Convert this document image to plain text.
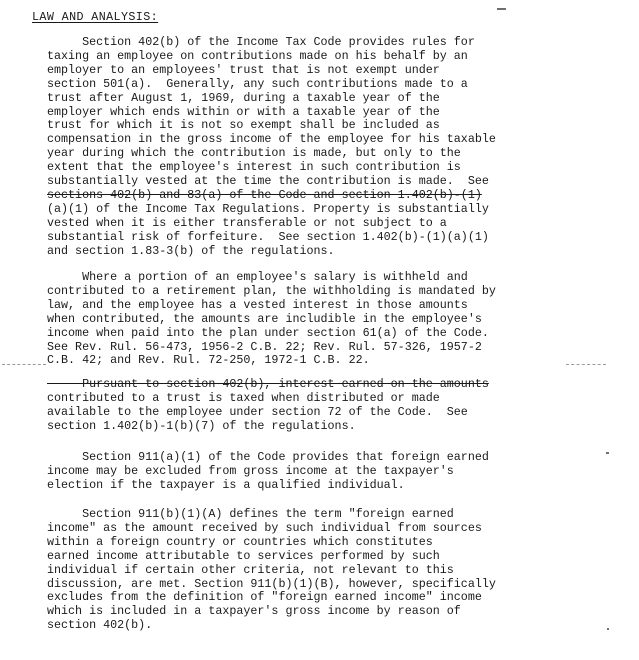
LAW AND ANALYSIS:
Section 402(b) of the Income Tax Code provides rules for
taxing an employee on contributions made on his behalf by an
employer to an employees' trust that is not exempt under
section 501(a).  Generally, any such contributions made to a
trust after August 1, 1969, during a taxable year of the
employer which ends within or with a taxable year of the
trust for which it is not so exempt shall be included as
compensation in the gross income of the employee for his taxable
year during which the contribution is made, but only to the
extent that the employee's interest in such contribution is
substantially vested at the time the contribution is made.  See
sections 402(b) and 83(a) of the Code and section 1.402(b)-(1)
(a)(1) of the Income Tax Regulations. Property is substantially
vested when it is either transferable or not subject to a
substantial risk of forfeiture.  See section 1.402(b)-(1)(a)(1)
and section 1.83-3(b) of the regulations.
Where a portion of an employee's salary is withheld and
contributed to a retirement plan, the withholding is mandated by
law, and the employee has a vested interest in those amounts
when contributed, the amounts are includible in the employee's
income when paid into the plan under section 61(a) of the Code.
See Rev. Rul. 56-473, 1956-2 C.B. 22; Rev. Rul. 57-326, 1957-2
C.B. 42; and Rev. Rul. 72-250, 1972-1 C.B. 22.
Pursuant to section 402(b), interest earned on the amounts
contributed to a trust is taxed when distributed or made
available to the employee under section 72 of the Code.  See
section 1.402(b)-1(b)(7) of the regulations.
Section 911(a)(1) of the Code provides that foreign earned
income may be excluded from gross income at the taxpayer's
election if the taxpayer is a qualified individual.
Section 911(b)(1)(A) defines the term "foreign earned
income" as the amount received by such individual from sources
within a foreign country or countries which constitutes
earned income attributable to services performed by such
individual if certain other criteria, not relevant to this
discussion, are met. Section 911(b)(1)(B), however, specifically
excludes from the definition of "foreign earned income" income
which is included in a taxpayer's gross income by reason of
section 402(b).
